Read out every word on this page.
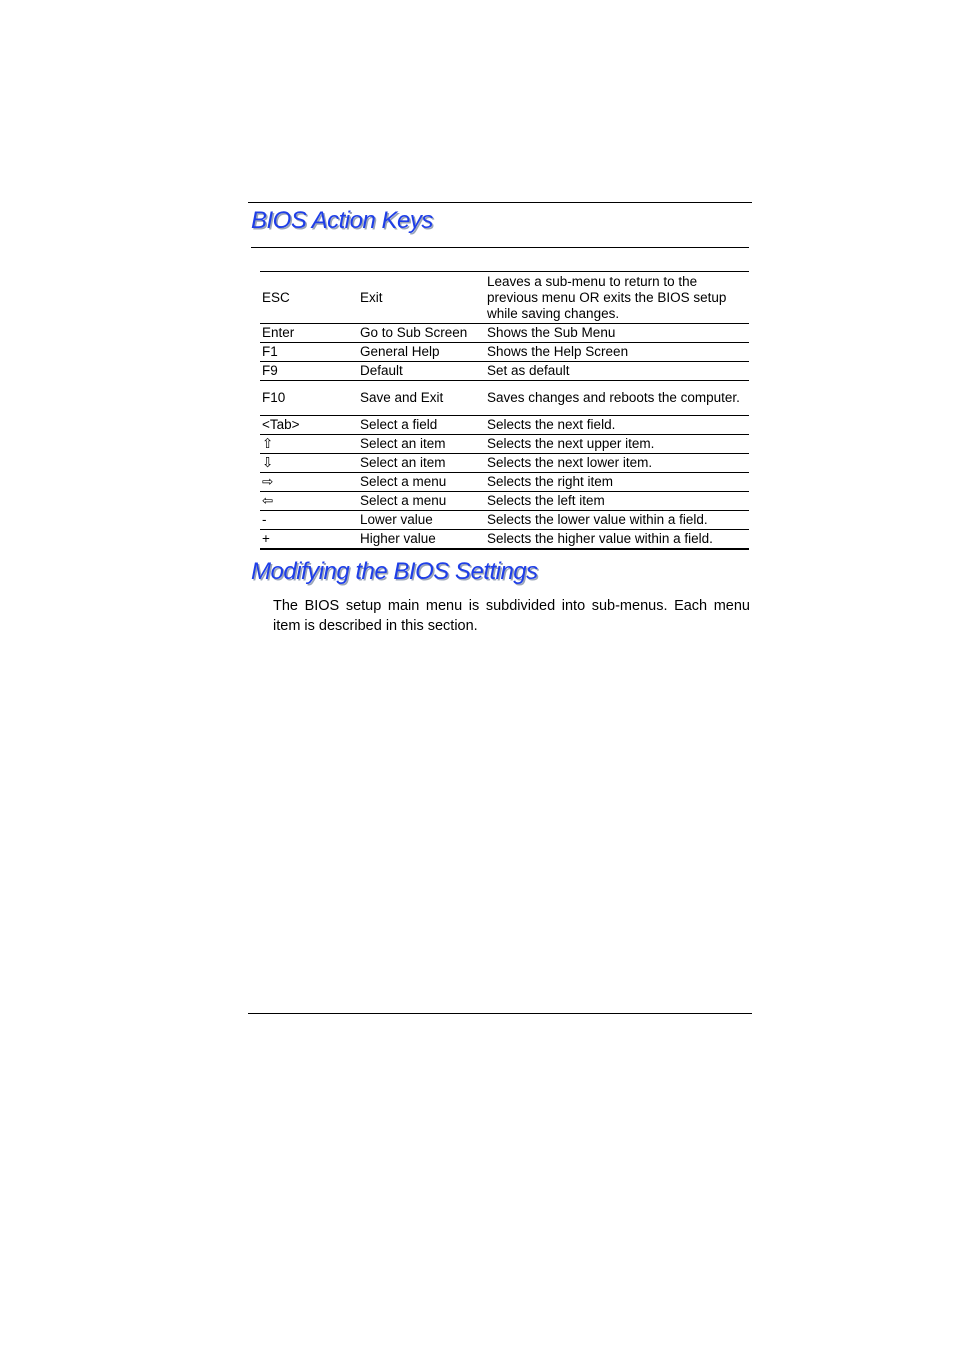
BIOS Action Keys
ESC	Exit	Leaves a sub-menu to return to the previous menu OR exits the BIOS setup while saving changes.
Enter	Go to Sub Screen	Shows the Sub Menu
F1	General Help	Shows the Help Screen
F9	Default	Set as default
F10	Save and Exit	Saves changes and reboots the computer.
<Tab>	Select a field	Selects the next field.
⇧	Select an item	Selects the next upper item.
⇩	Select an item	Selects the next lower item.
⇨	Select a menu	Selects the right item
⇦	Select a menu	Selects the left item
-	Lower value	Selects the lower value within a field.
+	Higher value	Selects the higher value within a field.
Modifying the BIOS Settings

The BIOS setup main menu is subdivided into sub-menus. Each menu item is described in this section.
